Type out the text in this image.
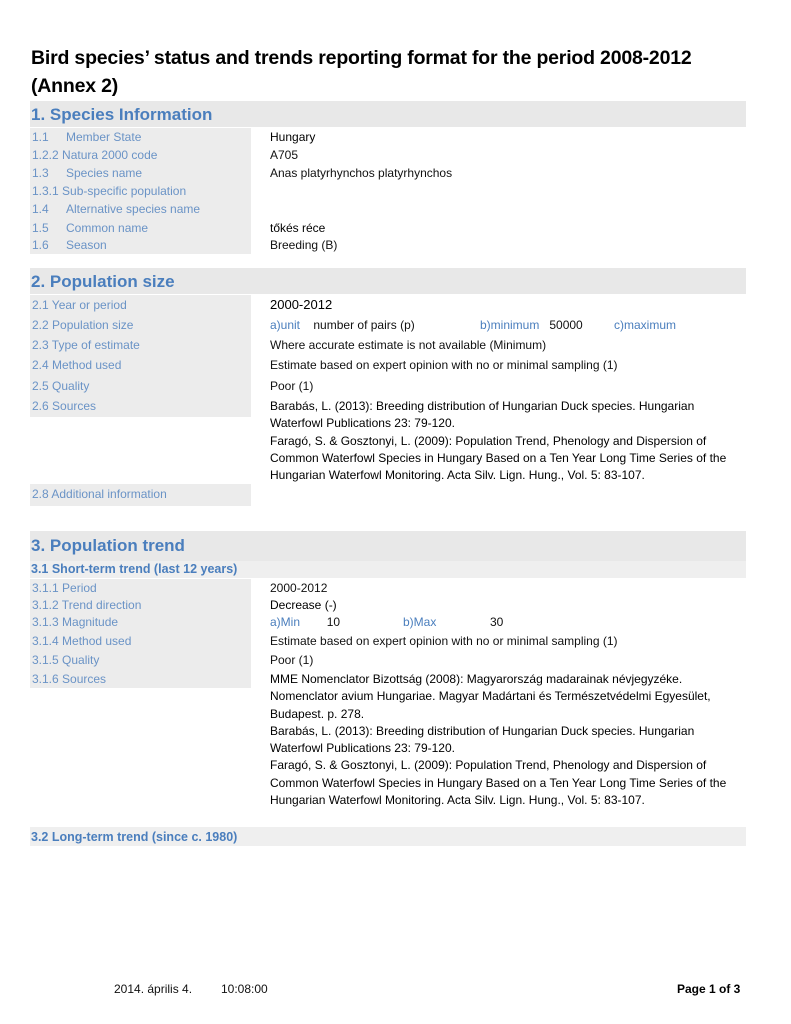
Bird species’ status and trends reporting format for the period 2008-2012
(Annex 2)
1. Species Information
1.1 Member State	Hungary
1.2.2 Natura 2000 code	A705
1.3 Species name	Anas platyrhynchos platyrhynchos
1.3.1 Sub-specific population
1.4 Alternative species name
1.5 Common name	tőkés réce
1.6 Season	Breeding (B)
2. Population size
2.1 Year or period	2000-2012
2.2 Population size	a)unit number of pairs (p)	b)minimum 50000	c)maximum
2.3 Type of estimate	Where accurate estimate is not available (Minimum)
2.4 Method used	Estimate based on expert opinion with no or minimal sampling (1)
2.5 Quality	Poor (1)
2.6 Sources	Barabás, L. (2013): Breeding distribution of Hungarian Duck species. Hungarian Waterfowl Publications 23: 79-120.

Faragó, S. & Gosztonyi, L. (2009): Population Trend, Phenology and Dispersion of Common Waterfowl Species in Hungary Based on a Ten Year Long Time Series of the Hungarian Waterfowl Monitoring. Acta Silv. Lign. Hung., Vol. 5: 83-107.

2.8 Additional information
3. Population trend
3.1 Short-term trend (last 12 years)
3.1.1 Period	2000-2012
3.1.2 Trend direction	Decrease (-)
3.1.3 Magnitude	a)Min 10	b)Max	30
3.1.4 Method used	Estimate based on expert opinion with no or minimal sampling (1)
3.1.5 Quality	Poor (1)
3.1.6 Sources	MME Nomenclator Bizottság (2008): Magyarország madarainak névjegyzéke. Nomenclator avium Hungariae. Magyar Madártani és Természetvédelmi Egyesület, Budapest. p. 278.

Barabás, L. (2013): Breeding distribution of Hungarian Duck species. Hungarian Waterfowl Publications 23: 79-120.

Faragó, S. & Gosztonyi, L. (2009): Population Trend, Phenology and Dispersion of Common Waterfowl Species in Hungary Based on a Ten Year Long Time Series of the Hungarian Waterfowl Monitoring. Acta Silv. Lign. Hung., Vol. 5: 83-107.

3.2 Long-term trend (since c. 1980)
2014. április 4. 10:08:00	Page 1 of 3
